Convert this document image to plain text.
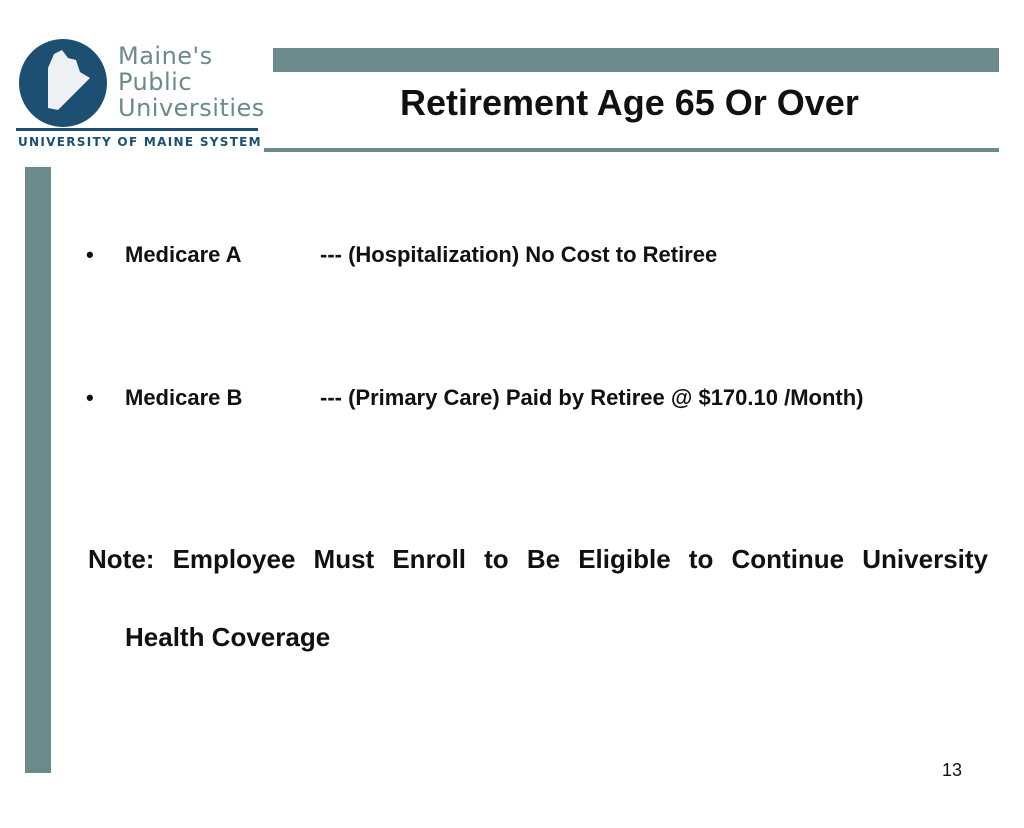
Maine's
Public
Universities
UNIVERSITY OF MAINE SYSTEM
Retirement Age 65 Or Over
• Medicare A	--- (Hospitalization) No Cost to Retiree
• Medicare B	--- (Primary Care) Paid by Retiree @ $170.10 /Month)
Note: Employee Must Enroll to Be Eligible to Continue University
Health Coverage
13
